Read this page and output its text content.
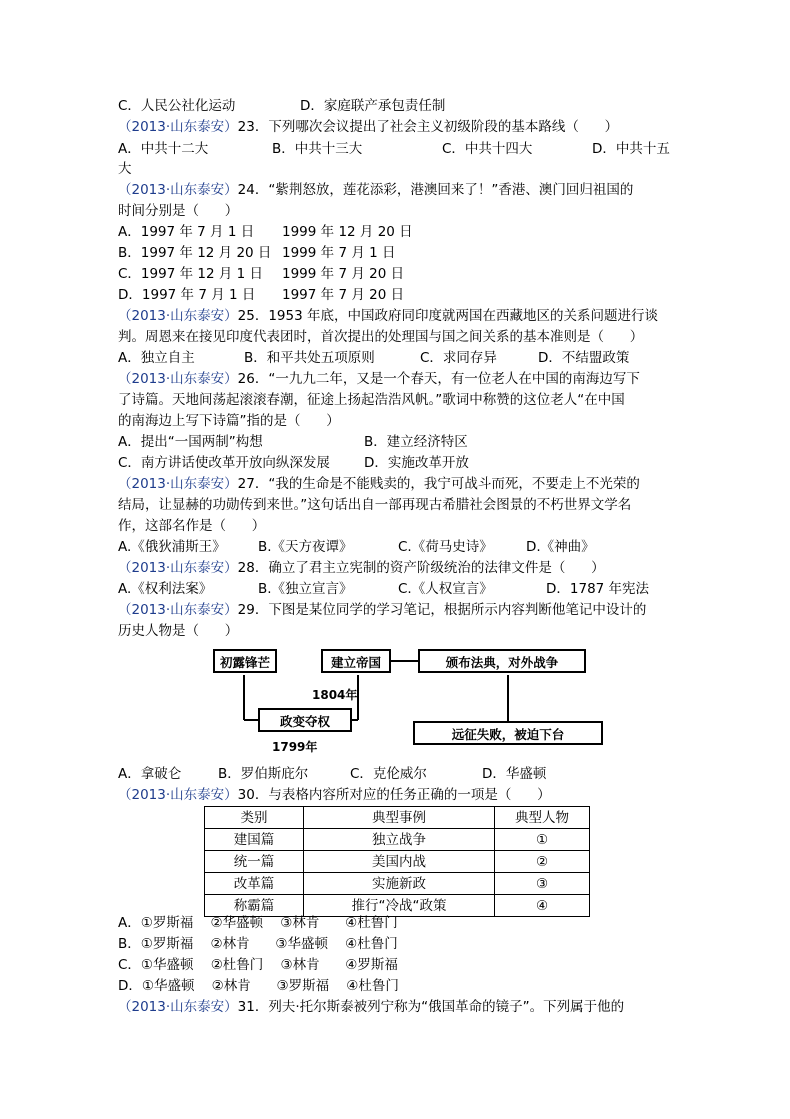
C．人民公社化运动	D．家庭联产承包责任制
（2013·山东泰安）23．下列哪次会议提出了社会主义初级阶段的基本路线（      ）
A．中共十二大	B．中共十三大	C．中共十四大	D．中共十五
大
（2013·山东泰安）24．“紫荆怒放，莲花添彩，港澳回来了！”香港、澳门回归祖国的
时间分别是（      ）
A．1997 年 7 月 1 日 1999 年 12 月 20 日
B．1997 年 12 月 20 日 1999 年 7 月 1 日
C．1997 年 12 月 1 日 1999 年 7 月 20 日
D．1997 年 7 月 1 日 1997 年 7 月 20 日
（2013·山东泰安）25．1953 年底，中国政府同印度就两国在西藏地区的关系问题进行谈
判。周恩来在接见印度代表团时，首次提出的处理国与国之间关系的基本准则是（      ）
A．独立自主	B．和平共处五项原则	C．求同存异	D．不结盟政策
（2013·山东泰安）26．“一九九二年，又是一个春天，有一位老人在中国的南海边写下
了诗篇。天地间荡起滚滚春潮，征途上扬起浩浩风帆。”歌词中称赞的这位老人“在中国
的南海边上写下诗篇”指的是（      ）
A．提出“一国两制”构想	B．建立经济特区
C．南方讲话使改革开放向纵深发展	D．实施改革开放
（2013·山东泰安）27．“我的生命是不能贱卖的，我宁可战斗而死，不要走上不光荣的
结局，让显赫的功勋传到来世。”这句话出自一部再现古希腊社会图景的不朽世界文学名
作，这部名作是（      ）
A.《俄狄浦斯王》 B.《天方夜谭》	C.《荷马史诗》 D.《神曲》
（2013·山东泰安）28．确立了君主立宪制的资产阶级统治的法律文件是（      ）
A.《权利法案》	B.《独立宣言》	C.《人权宣言》	D．1787 年宪法
（2013·山东泰安）29．下图是某位同学的学习笔记，根据所示内容判断他笔记中设计的
历史人物是（      ）
初露锋芒	建立帝国	颁布法典，对外战争
1804年
政变夺权
远征失败，被迫下台
1799年
A．拿破仑	B．罗伯斯庇尔	C．克伦威尔	D．华盛顿
（2013·山东泰安）30．与表格内容所对应的任务正确的一项是（      ）
类别	典型事例	典型人物
建国篇	独立战争	①
统一篇	美国内战	②
改革篇	实施新政	③
称霸篇	推行“冷战“政策	④
A．①罗斯福    ②华盛顿    ③林肯      ④杜鲁门
B．①罗斯福    ②林肯      ③华盛顿    ④杜鲁门
C．①华盛顿    ②杜鲁门    ③林肯      ④罗斯福
D．①华盛顿    ②林肯      ③罗斯福    ④杜鲁门
（2013·山东泰安）31．列夫·托尔斯泰被列宁称为“俄国革命的镜子”。下列属于他的
